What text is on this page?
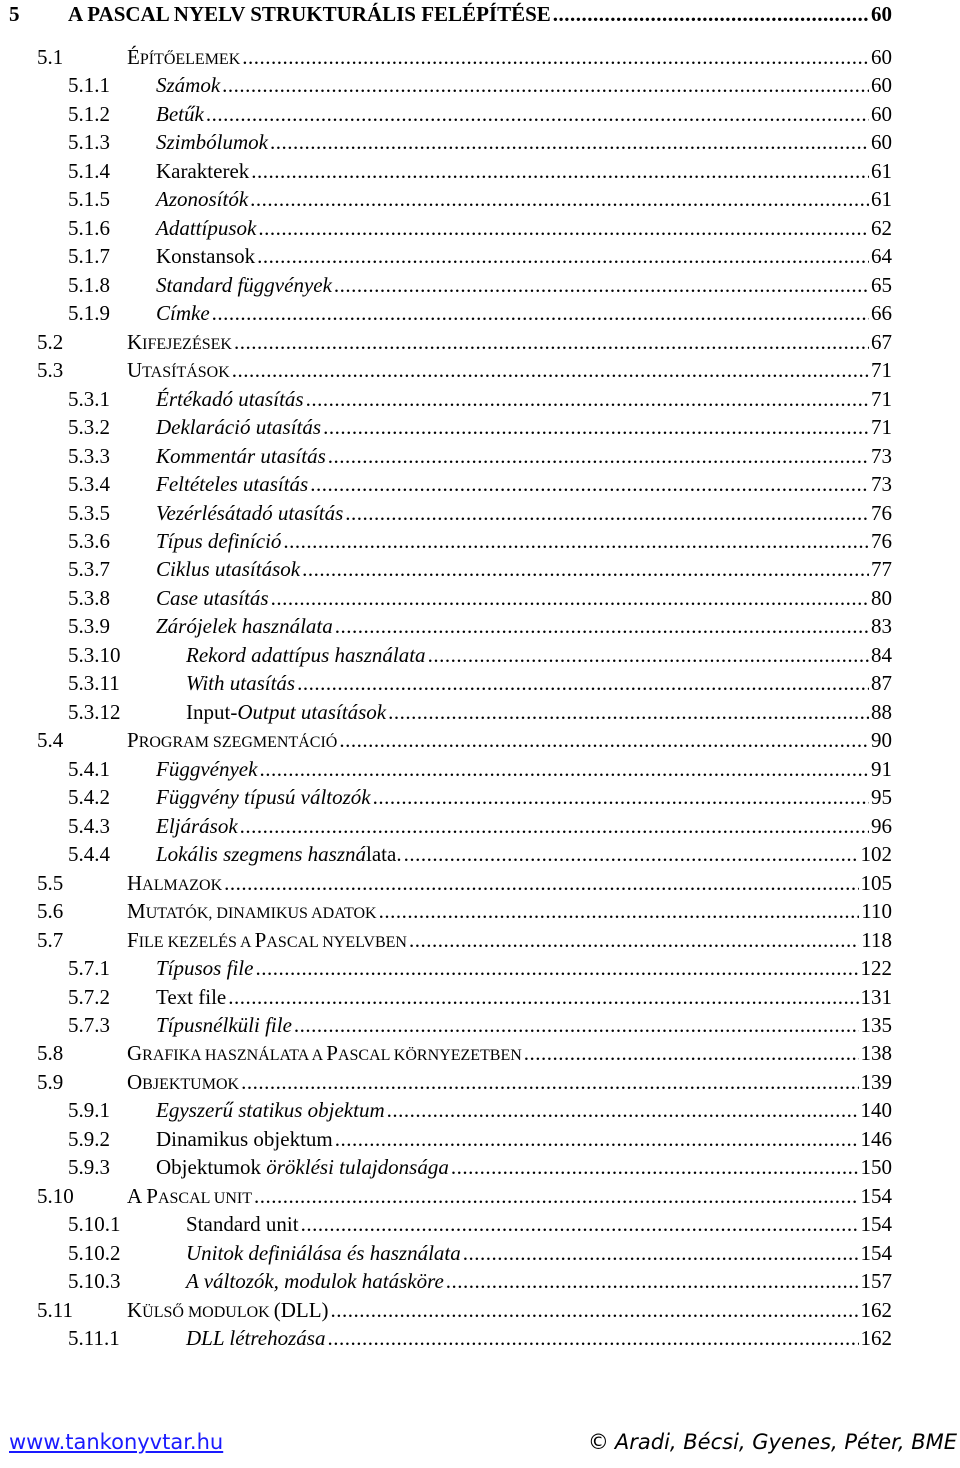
5 A PASCAL NYELV STRUKTURÁLIS FELÉPÍTÉSE .....	60
5.1	ÉPÍTŐELEMEK .....	60
5.1.1 Számok .....	60
5.1.2 Betűk .....	60
5.1.3 Szimbólumok .....	60
5.1.4 Karakterek .....	61
5.1.5 Azonosítók .....	61
5.1.6 Adattípusok .....	62
5.1.7 Konstansok .....	64
5.1.8 Standard függvények .....	65
5.1.9 Címke .....	66
5.2	KIFEJEZÉSEK .....	67
5.3	UTASÍTÁSOK .....	71
5.3.1 Értékadó utasítás .....	71
5.3.2 Deklaráció utasítás .....	71
5.3.3 Kommentár utasítás .....	73
5.3.4 Feltételes utasítás .....	73
5.3.5 Vezérlésátadó utasítás .....	76
5.3.6 Típus definíció .....	76
5.3.7 Ciklus utasítások .....	77
5.3.8 Case utasítás .....	80
5.3.9 Zárójelek használata .....	83
5.3.10	Rekord adattípus használata .....	84
5.3.11	With utasítás .....	87
5.3.12	Input-Output utasítások .....	88
5.4	PROGRAM SZEGMENTÁCIÓ .....	90
5.4.1 Függvények .....	91
5.4.2 Függvény típusú változók .....	95
5.4.3 Eljárások .....	96
5.4.4 Lokális szegmens használata. .....	102
5.5	HALMAZOK .....	105
5.6	MUTATÓK, DINAMIKUS ADATOK .....	110
5.7	FILE KEZELÉS A PASCAL NYELVBEN .....	118
5.7.1 Típusos file .....	122
5.7.2 Text file .....	131
5.7.3 Típusnélküli file .....	135
5.8	GRAFIKA HASZNÁLATA A PASCAL KÖRNYEZETBEN .....	138
5.9	OBJEKTUMOK .....	139
5.9.1 Egyszerű statikus objektum .....	140
5.9.2 Dinamikus objektum .....	146
5.9.3 Objektumok öröklési tulajdonsága .....	150
5.10	A PASCAL UNIT .....	154
5.10.1	Standard unit .....	154
5.10.2	Unitok definiálása és használata .....	154
5.10.3	A változók, modulok hatásköre .....	157
5.11	KÜLSŐ MODULOK (DLL) .....	162
5.11.1	DLL létrehozása .....	162
www.tankonyvtar.hu	© Aradi, Bécsi, Gyenes, Péter, BME
